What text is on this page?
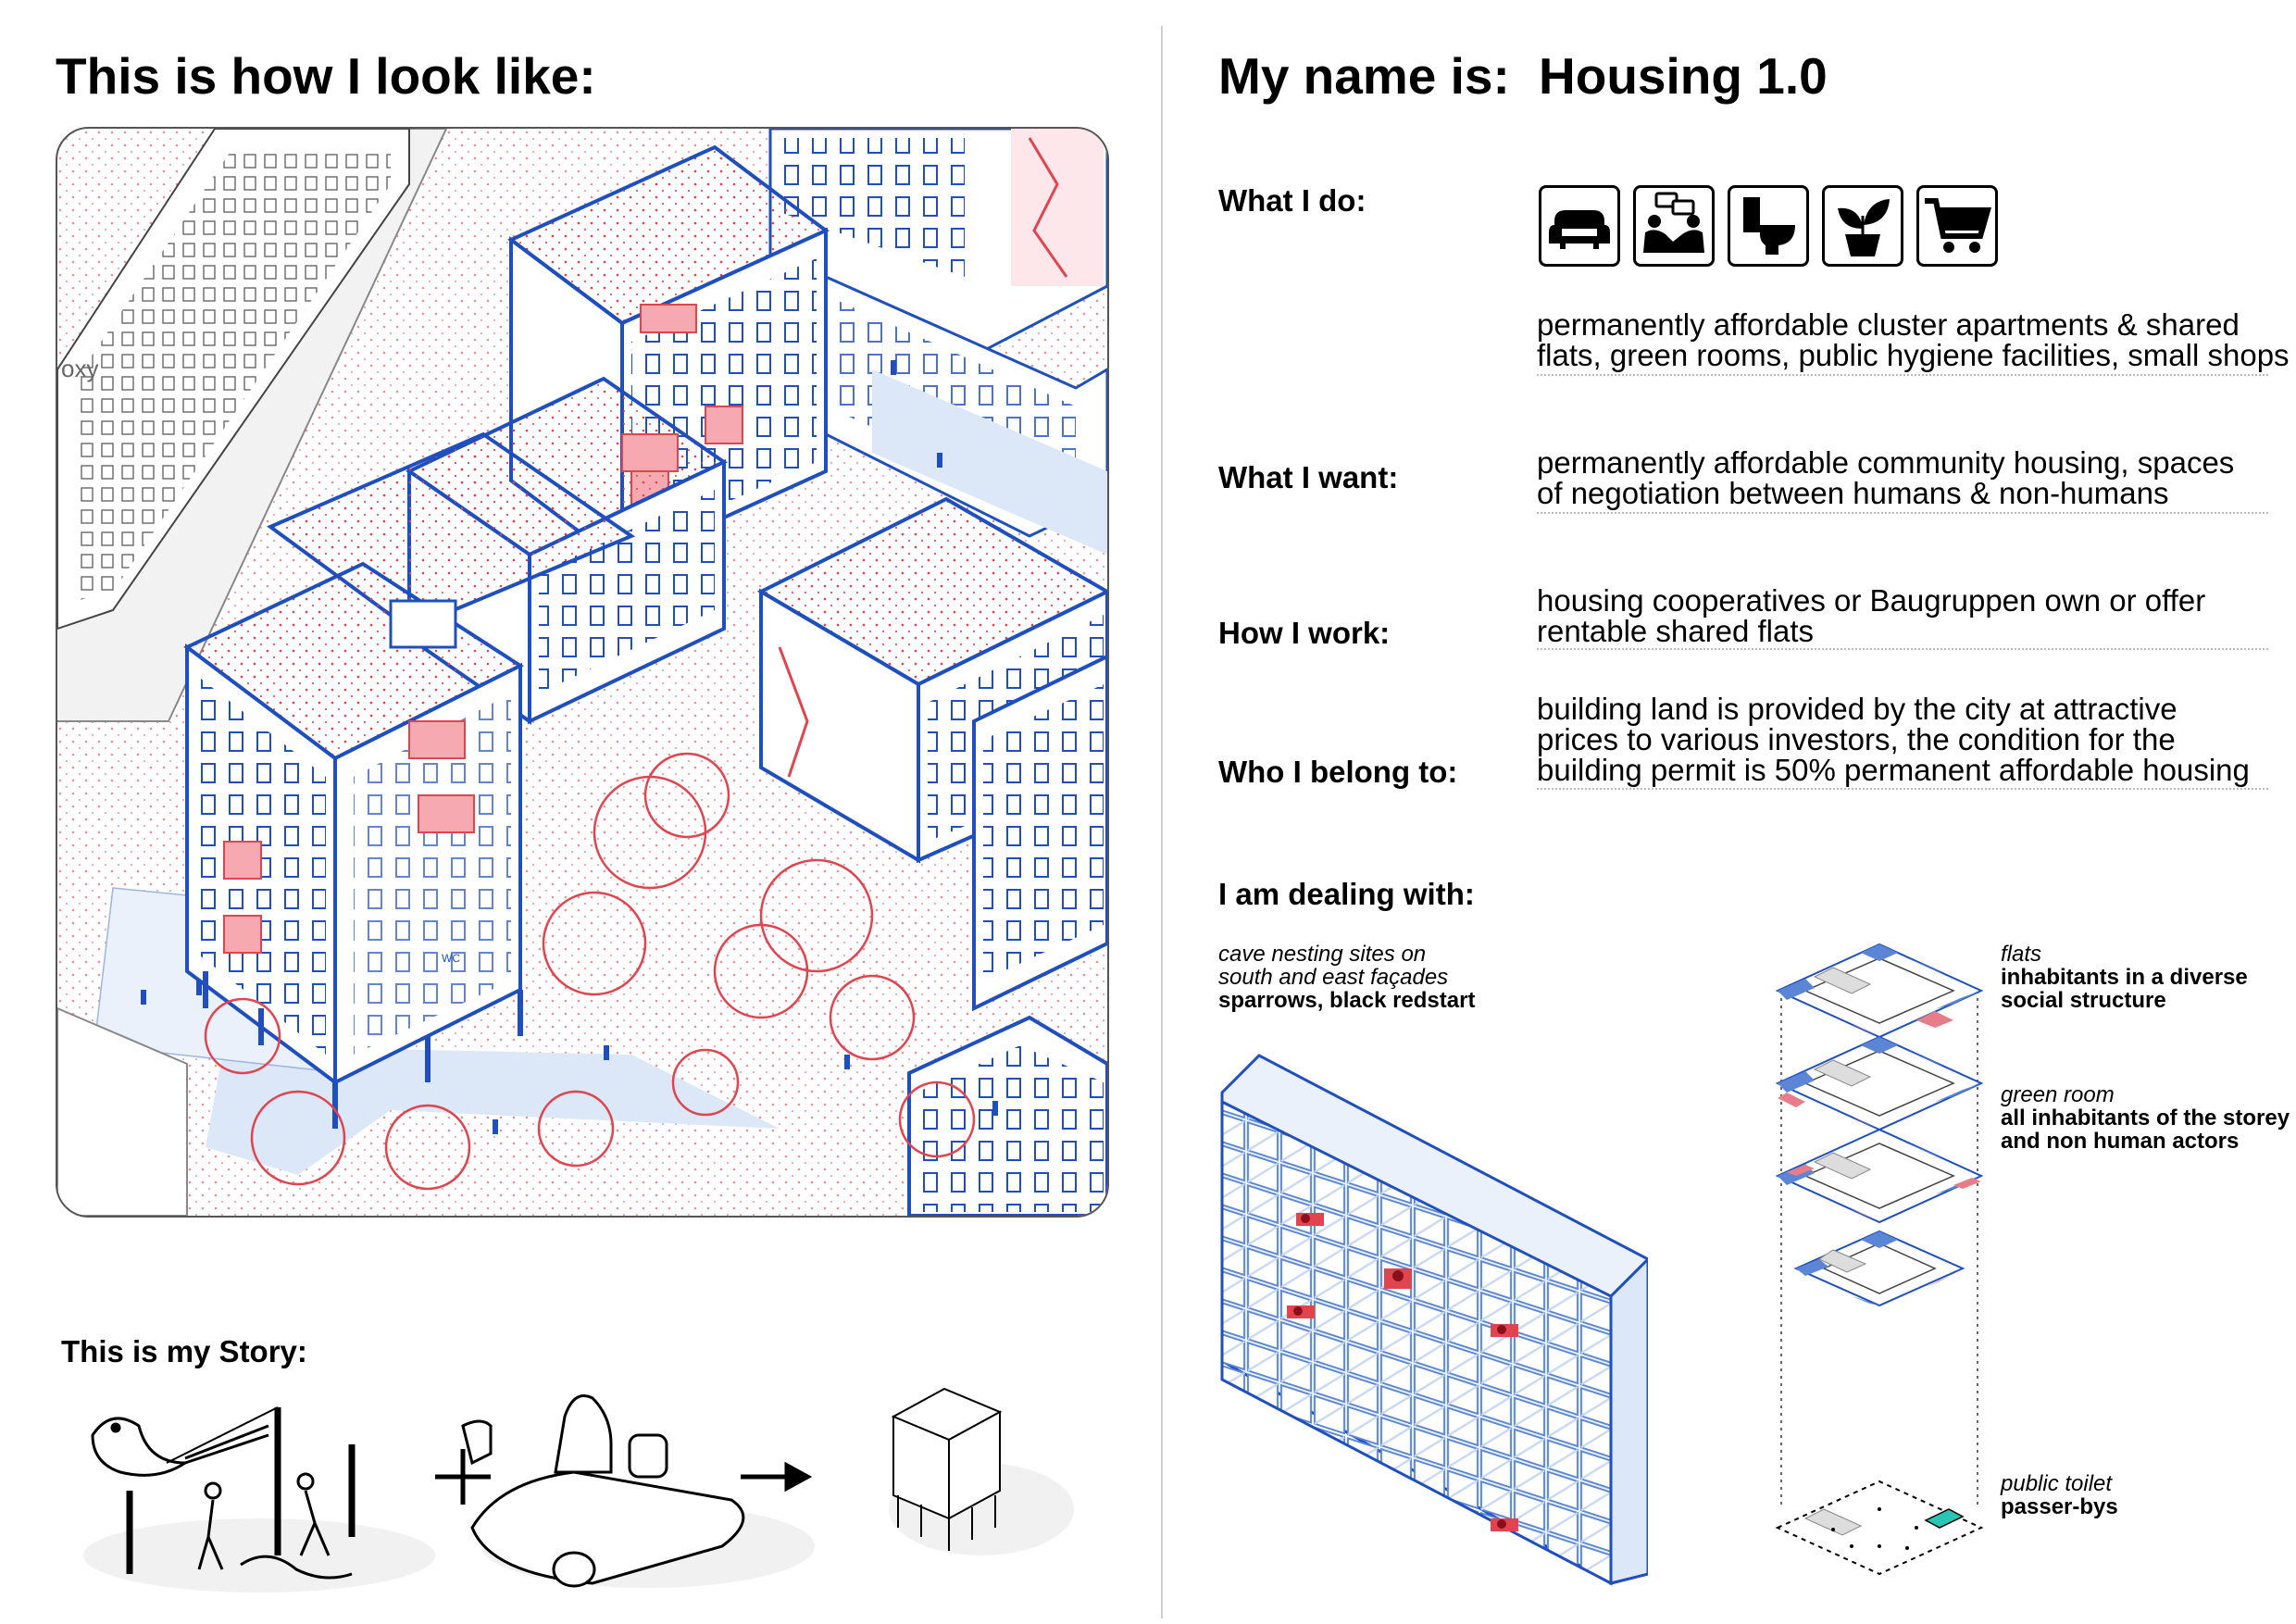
This is how I look like:
oxy
WC
This is my Story:
My name is: Housing 1.0
What I do:
permanently affordable cluster apartments & shared
flats, green rooms, public hygiene facilities, small shops
What I want:	permanently affordable community housing, spaces
of negotiation between humans & non-humans
How I work:
housing cooperatives or Baugruppen own or offer
rentable shared flats
Who I belong to:
building land is provided by the city at attractive
prices to various investors, the condition for the
building permit is 50% permanent affordable housing
I am dealing with:
cave nesting sites on
south and east façades
sparrows, black redstart
flats
inhabitants in a diverse
social structure
green room
all inhabitants of the storey
and non human actors
public toilet
passer-bys
